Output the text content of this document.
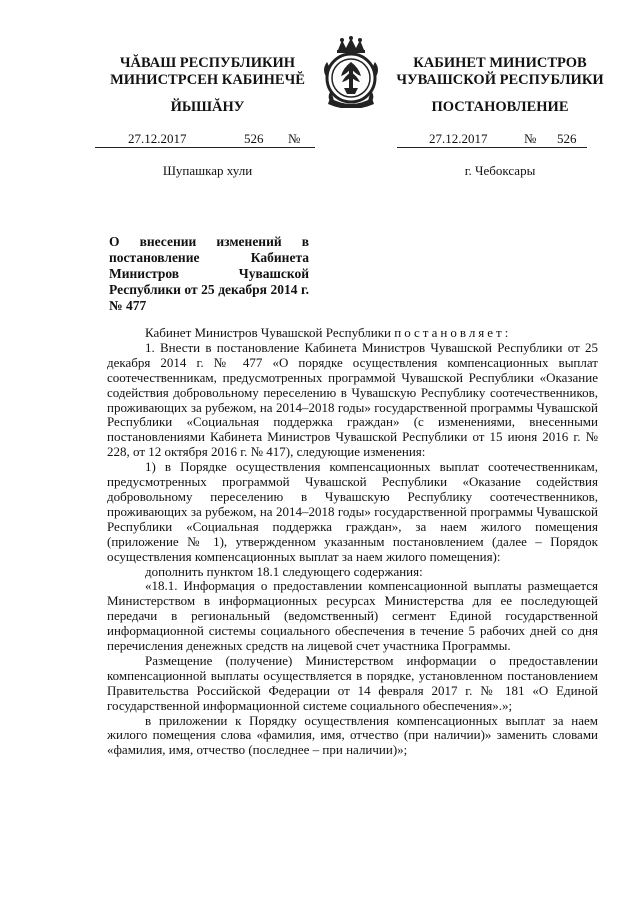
ЧĂВАШ РЕСПУБЛИКИН
МИНИСТРСЕН КАБИНЕЧĔ
ЙЫШĂНУ
27.12.2017	526 №
Шупашкар хули
КАБИНЕТ МИНИСТРОВ
ЧУВАШСКОЙ РЕСПУБЛИКИ
ПОСТАНОВЛЕНИЕ
27.12.2017	№ 526
г. Чебоксары
О внесении изменений в постановление Кабинета Министров Чувашской Республики от 25 декабря 2014 г. № 477

Кабинет Министров Чувашской Республики постановляет:

1. Внести в постановление Кабинета Министров Чувашской Республики от 25 декабря 2014 г. № 477 «О порядке осуществления компенсационных выплат соотечественникам, предусмотренных программой Чувашской Республики «Оказание содействия добровольному переселению в Чувашскую Республику соотечественников, проживающих за рубежом, на 2014–2018 годы» государственной программы Чувашской Республики «Социальная поддержка граждан» (с изменениями, внесенными постановлениями Кабинета Министров Чувашской Республики от 15 июня 2016 г. № 228, от 12 октября 2016 г. № 417), следующие изменения:

1) в Порядке осуществления компенсационных выплат соотечественникам, предусмотренных программой Чувашской Республики «Оказание содействия добровольному переселению в Чувашскую Республику соотечественников, проживающих за рубежом, на 2014–2018 годы» государственной программы Чувашской Республики «Социальная поддержка граждан», за наем жилого помещения (приложение № 1), утвержденном указанным постановлением (далее – Порядок осуществления компенсационных выплат за наем жилого помещения):

дополнить пунктом 18.1 следующего содержания:

«18.1. Информация о предоставлении компенсационной выплаты размещается Министерством в информационных ресурсах Министерства для ее последующей передачи в региональный (ведомственный) сегмент Единой государственной информационной системы социального обеспечения в течение 5 рабочих дней со дня перечисления денежных средств на лицевой счет участника Программы.

Размещение (получение) Министерством информации о предоставлении компенсационной выплаты осуществляется в порядке, установленном постановлением Правительства Российской Федерации от 14 февраля 2017 г. № 181 «О Единой государственной информационной системе социального обеспечения».»;

в приложении к Порядку осуществления компенсационных выплат за наем жилого помещения слова «фамилия, имя, отчество (при наличии)» заменить словами «фамилия, имя, отчество (последнее – при наличии)»;
